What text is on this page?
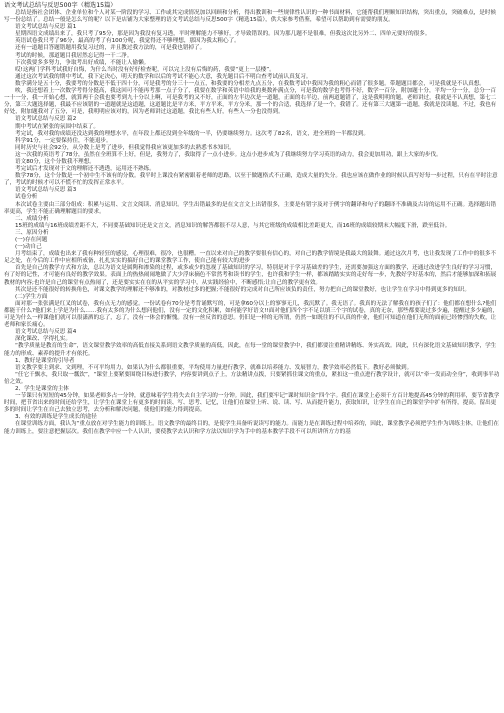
语文考试总结与反思500字（精选15篇）

总结是指社会团体、企业单位和个人对某一阶段的学习、工作或其完成情况加以回顾和分析，得出教训和一些规律性认识的一种书面材料，它能帮我们理顺知识结构，突出重点，突破难点，是时候写一份总结了。总结一般是怎么写的呢？以下是店铺为大家整理的语文考试总结与反思500字（精选15篇），供大家参考借鉴，希望可以帮助到有需要的朋友。

语文考试总结与反思 篇1

星期四语文成绩出来了，我只考了95分，那是因为我没有复习透，平时理解能力不够好，才导致错误的。因为那几题不是很难，但我这次比另外二、四单元要好的很多。

英语试卷我只考了96分，最高的考了有100分呢，我觉得还不够理想，那因为我太粗心了。

还有一道题目答题错题用我复习过的，并且教过我方法的，可是我也错掉了。

考试的时候，那道题目我居然忘记得一干二净。

下次我要多多努力，争取考出好成绩，不能让人偷懒。

哎!这两门学科考试我好自悔，为什么当时没有好好检查呢，可以完上没有后悔的药，我要“更上一层楼”。

通过这次考试我的期中考试，我下定决心，明天的数学和以后的考试不能心大意，我光题目后不明白查考试前认真复习。

数学满分是五十分，我要考的分数是不低于四十分，可是我考的分三十一点五，和我要的分相差九点五分，在我数考试中我因为我的粗心而错了很多题。带题题目都会，可是我就是不认真想。

唉，我还想着上一次数学考得分挺高，我这回可不能再考那一点子分了，我要在数学和英语中给我的奥数补满点分，可是我的数学也考得不好，数学一百分，附加题十分，平均一分一分，总分一百一十一分，我一开始心想，就算两千会我也要考到九十分以上啊，可是我考的又不好，正面的左半边次是一道题，正面的右半边，前两道题错了，这是我明明的题，老师讲过，我就是不认真想，第七二分，第三大题选择题，我最不应该错的一道题就是这道题，这道题比是平方米，平方平米，平方分米，那一个的合适，我选择了是一个，我错了。还有第三大题第一道题，我就是没读题，不过，我也有好处，附加题我对了五分，可是，我明明应该对的，因为老师讲过这道题，我比有些人好，有些人一分也没得到。

语文考试总结与反思 篇2

期中考试在紧张的氛围中结束了。

考完试，我对我的成绩还没达到我的理想水平，在年段上都还没到全年级的一半，仍要继续努力。这次考了82名，语文，进全班的一半都没到。

科学91分，一定要保持住，不能退步。

同时历史与社会92分，从分数上是考了进步，但我觉得我应该更加多的去熟悉书本知识。

这一次我的英语考了78分，虽然在全班算不上好，但是，我努力了，我取得了一点小进步。这点小进步成为了我继续努力学习英语的动力，我会更加用功，跟上大家的步伐。

语文80分，这个分数我不理想。

考完试后才发现对于文的理解还不透透，运用还不熟练。

数学78分，这个分数是一个初中生不该有的分数。我平时上课没有紧密跟着老师的思路，以至于做题格式不正确，造成大量的失分。我也应该在做作业的时候认真写好每一步过程，只有在平时注意了，考试的时候才可以不慌不忙的发挥正常水平。

语文考试总结与反思 篇3

试卷分析

本次试卷主要由三部分组成：积累与运用、文言文阅读、消息知识。学生出错最多的是在文言文上出错很多，主要是有错字及对于例字的翻译和句子的翻译不准确及古诗的运用不正确。选择题出错率更高，学生不能正确理解题目的要求。

二、成绩分析

15班的成绩与16班成绩差距不大，不同要基础知识还是文言文，消息知识的解答都很不尽人意，与其它班级的成绩相比差距更大，而16班的成绩较期末大幅度下滑，跌至低谷。

三、原因分析

(一)存在问题

(一)动自己

月考结束了，成绩也出来了我有种轻狂的感觉，心理很难，很冷，也很糟。一直以来对自己的教学要很有信心的，对自己的教学情境是我最大的鼓舞。通过这次月考，也让我发现了工作中的很多不足之处，在今后的工作中应相所戒备，扎扎实实的搞好自己的课堂教学工作，使自己能有较大的进步

首先是自己的教学方式和方法，总以为语文是属陶和渗染的过程，或多或少的忽视了基础知识的学习，特别是对于学习基础差的学生，还需要加强这方面的教学，还通过改进学生良好的学习习惯，有了好的记性，才可能有良好的教学效果。表面上的热热闹闹地做了大少浮床摘色不常然考和读书的学生，也许我和学生一样，都该踏踏实实的走好每一步，先教好学好基本的，然后才能够加深和拓展教材的内容;也许是自己的课堂有点热闹了，还是要实实在在的从平实的学习中，从实践经验中，不断感悟;让自己的教学更有效。

其次是还不能很好的转换角色，对课文教学的理解还不够准的，对教材过多的把握;不能很好的完成对自己所应该负的责任，努力把自己的课堂教好，也让学生在学习中得到更多的知识。

(二)学生方面

面对那一张张满是红叉的试卷，我有点无力的感觉。一份试卷有70分是考背诵默写的，可是拿60分以上的寥寥无几，我沉默了。我无语了。我真的无法了解我在的孩子们了：他们都在想什么?他们都能干什么?他们来上学是为什么……我有太多的为什么想问他们，没有一定的文化积累，如何能学好语文!!面对他们四个字不足以填三个字的试卷，真的无奈，那些都要说过多少遍，提醒过多少遍的，可是为什么一样课他们就可以很潇洒的忘了，忘了，没有一体会的惭愧。没有一丝反省的意思。仍旧是一样的无所谓，仍然一如既往的不认真的作业，他们可知道在他们无所的面前已经惨烈的失败，让老师和家长痛心。

语文考试总结与反思 篇4

深化课改、学得扎实。

“教学质量是教育的生命”，语文课堂教学效率的高低直接关系到语文教学质量的高低，因此，在每一堂的课堂教学中，我们都要注重精讲精练、务实高效。因此，只有深化语文基础知识教学，学生能力的形成、素养的提升才有依托。

1、教好是课堂的引导者

语文教学要主到求、文到理，不可平均用力，如果认为什么都很重要，平均使用力量进行教学，就难以培养能力、发展智力，教学效率必然低下。教好必须做到。

“任它千飘水，我只取一瓢饮”，“课堂上要紧要围绕目标进行教学，内容要讲到点子上，方法精讲点拨，只要紧抓住课文的重点，紧扣这一重点进行教学设计，就可以“牵一发而动全身”，收到事半功倍之效。

2、学生是课堂的主体

一节课只有短短的45分钟，如果老师多占一分钟，就意味着学生将失去自主学习的一分钟。因此，我们要牢记“课时知识金”四个字。我们在课堂上必须千方百计地提高45分钟的利用率，要节省教学时间，把节省出来的时间还给学生，让学生在课堂上有更多的时间读、写、思考、记忆，让他们在课堂上听、说、读、写、从而提升能力，获取知识，让学生在自己的课堂学中扩有所得，提高。留出更多的时间让学生在自己去独立思考，去分析和解决问题，使他们的能力得到提高。

3、有效的训练是学生成长的途径

在课堂训练方面，我认为“重点放在对学生能力的训练上。语文教学的最终目的，是使学生具备听说读写的能力。而能力是在训练过程中培养的，因此，课堂教学必须把学生作为训练主体，让他们在能力训练上，要注意把握层次。我们在教学中应一个人认识，要使教学去认识和学方法以知识学为手中的基本教学手段不可以所讲所方方的基
